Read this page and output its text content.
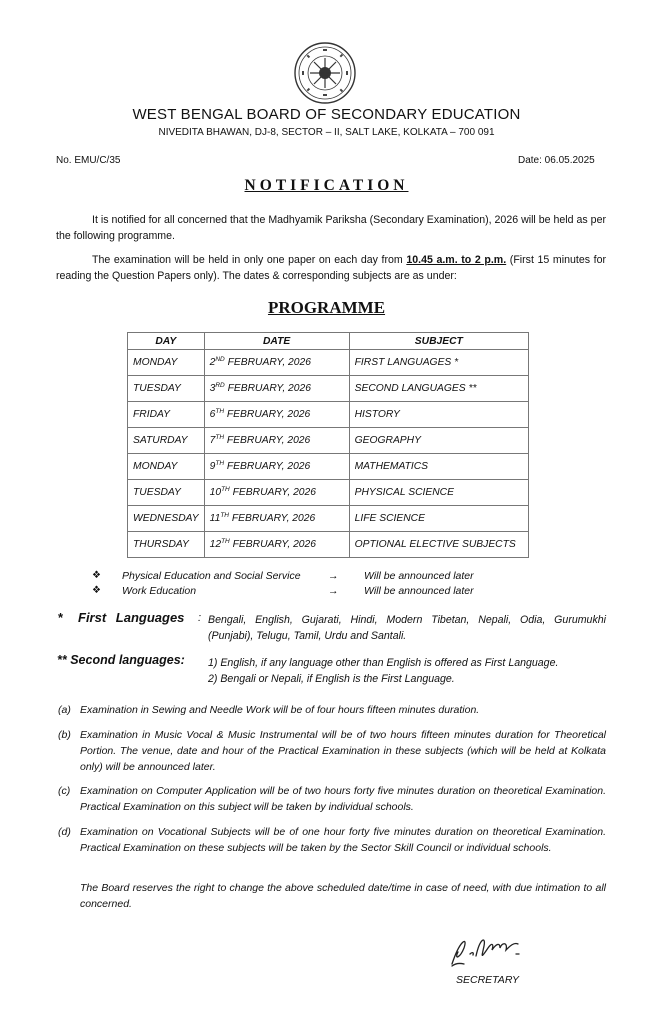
WEST BENGAL BOARD OF SECONDARY EDUCATION
NIVEDITA BHAWAN, DJ-8, SECTOR – II, SALT LAKE, KOLKATA – 700 091
No. EMU/C/35	Date: 06.05.2025
NOTIFICATION
It is notified for all concerned that the Madhyamik Pariksha (Secondary Examination), 2026 will be held as per the following programme.
The examination will be held in only one paper on each day from 10.45 a.m. to 2 p.m. (First 15 minutes for reading the Question Papers only). The dates & corresponding subjects are as under:
PROGRAMME
DAY	DATE	SUBJECT
MONDAY	2ND FEBRUARY, 2026	FIRST LANGUAGES *
TUESDAY	3RD FEBRUARY, 2026	SECOND LANGUAGES **
FRIDAY	6TH FEBRUARY, 2026	HISTORY
SATURDAY	7TH FEBRUARY, 2026	GEOGRAPHY
MONDAY	9TH FEBRUARY, 2026	MATHEMATICS
TUESDAY	10TH FEBRUARY, 2026	PHYSICAL SCIENCE
WEDNESDAY	11TH FEBRUARY, 2026	LIFE SCIENCE
THURSDAY	12TH FEBRUARY, 2026	OPTIONAL ELECTIVE SUBJECTS
❖ Physical Education and Social Service	→ Will be announced later
❖ Work Education	→ Will be announced later
* First Languages : Bengali, English, Gujarati, Hindi, Modern Tibetan, Nepali, Odia, Gurumukhi (Punjabi), Telugu, Tamil, Urdu and Santali.
** Second languages: 1) English, if any language other than English is offered as First Language.
2) Bengali or Nepali, if English is the First Language.
(a) Examination in Sewing and Needle Work will be of four hours fifteen minutes duration.
(b) Examination in Music Vocal & Music Instrumental will be of two hours fifteen minutes duration for Theoretical Portion. The venue, date and hour of the Practical Examination in these subjects (which will be held at Kolkata only) will be announced later.
(c) Examination on Computer Application will be of two hours forty five minutes duration on theoretical Examination. Practical Examination on this subject will be taken by individual schools.
(d) Examination on Vocational Subjects will be of one hour forty five minutes duration on theoretical Examination. Practical Examination on these subjects will be taken by the Sector Skill Council or individual schools.
The Board reserves the right to change the above scheduled date/time in case of need, with due intimation to all concerned.
SECRETARY
